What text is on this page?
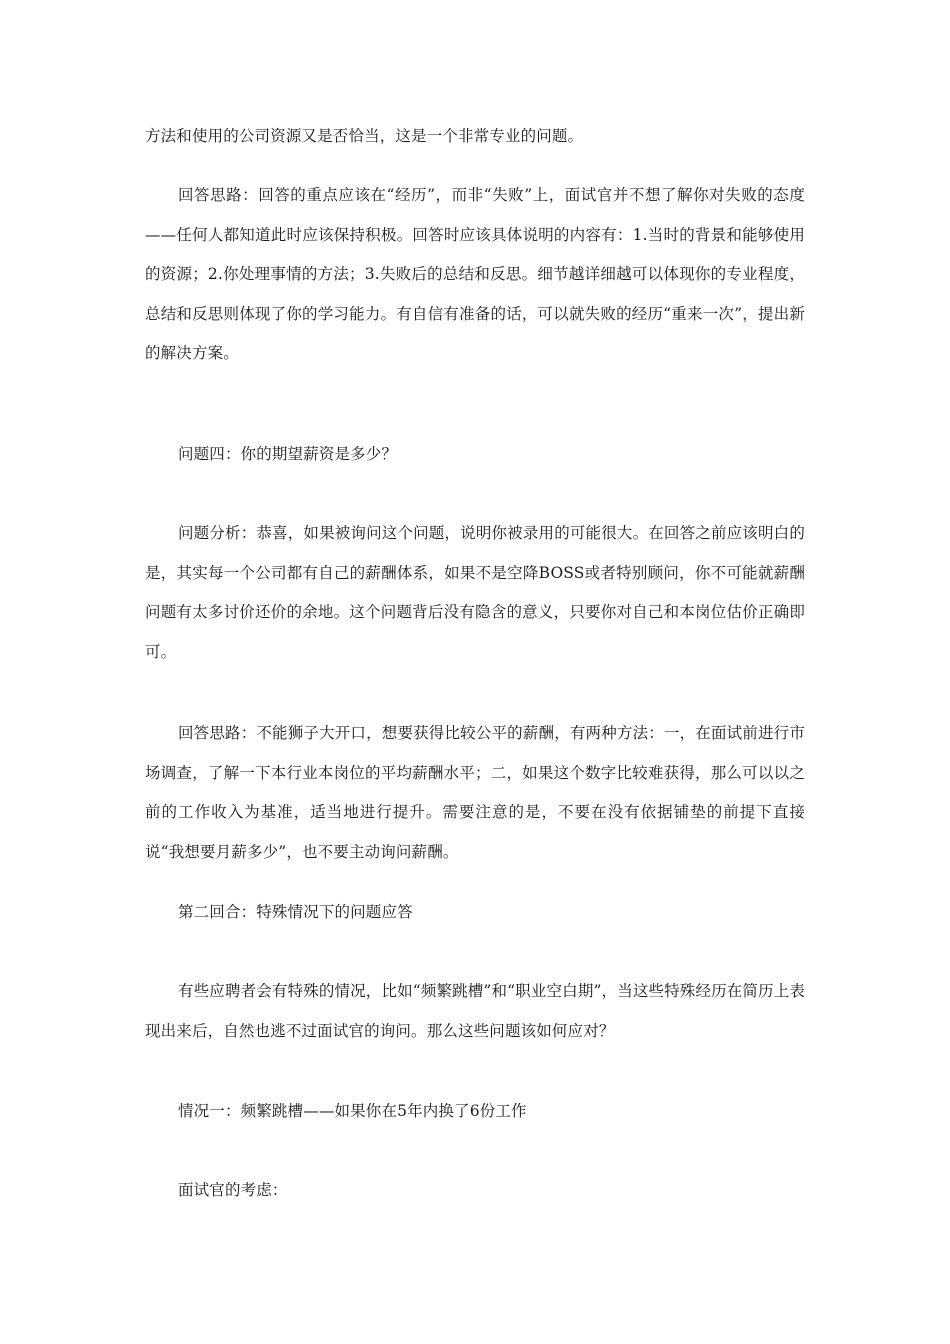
方法和使用的公司资源又是否恰当，这是一个非常专业的问题。

回答思路：回答的重点应该在“经历”，而非“失败”上，面试官并不想了解你对失败的态度——任何人都知道此时应该保持积极。回答时应该具体说明的内容有：1.当时的背景和能够使用的资源；2.你处理事情的方法；3.失败后的总结和反思。细节越详细越可以体现你的专业程度，总结和反思则体现了你的学习能力。有自信有准备的话，可以就失败的经历“重来一次”，提出新的解决方案。

问题四：你的期望薪资是多少？

问题分析：恭喜，如果被询问这个问题，说明你被录用的可能很大。在回答之前应该明白的是，其实每一个公司都有自己的薪酬体系，如果不是空降BOSS或者特别顾问，你不可能就薪酬问题有太多讨价还价的余地。这个问题背后没有隐含的意义，只要你对自己和本岗位估价正确即可。

回答思路：不能狮子大开口，想要获得比较公平的薪酬，有两种方法：一，在面试前进行市场调查，了解一下本行业本岗位的平均薪酬水平；二，如果这个数字比较难获得，那么可以以之前的工作收入为基准，适当地进行提升。需要注意的是，不要在没有依据铺垫的前提下直接说“我想要月薪多少”，也不要主动询问薪酬。

第二回合：特殊情况下的问题应答

有些应聘者会有特殊的情况，比如“频繁跳槽”和“职业空白期”，当这些特殊经历在简历上表现出来后，自然也逃不过面试官的询问。那么这些问题该如何应对？

情况一：频繁跳槽——如果你在5年内换了6份工作

面试官的考虑：
